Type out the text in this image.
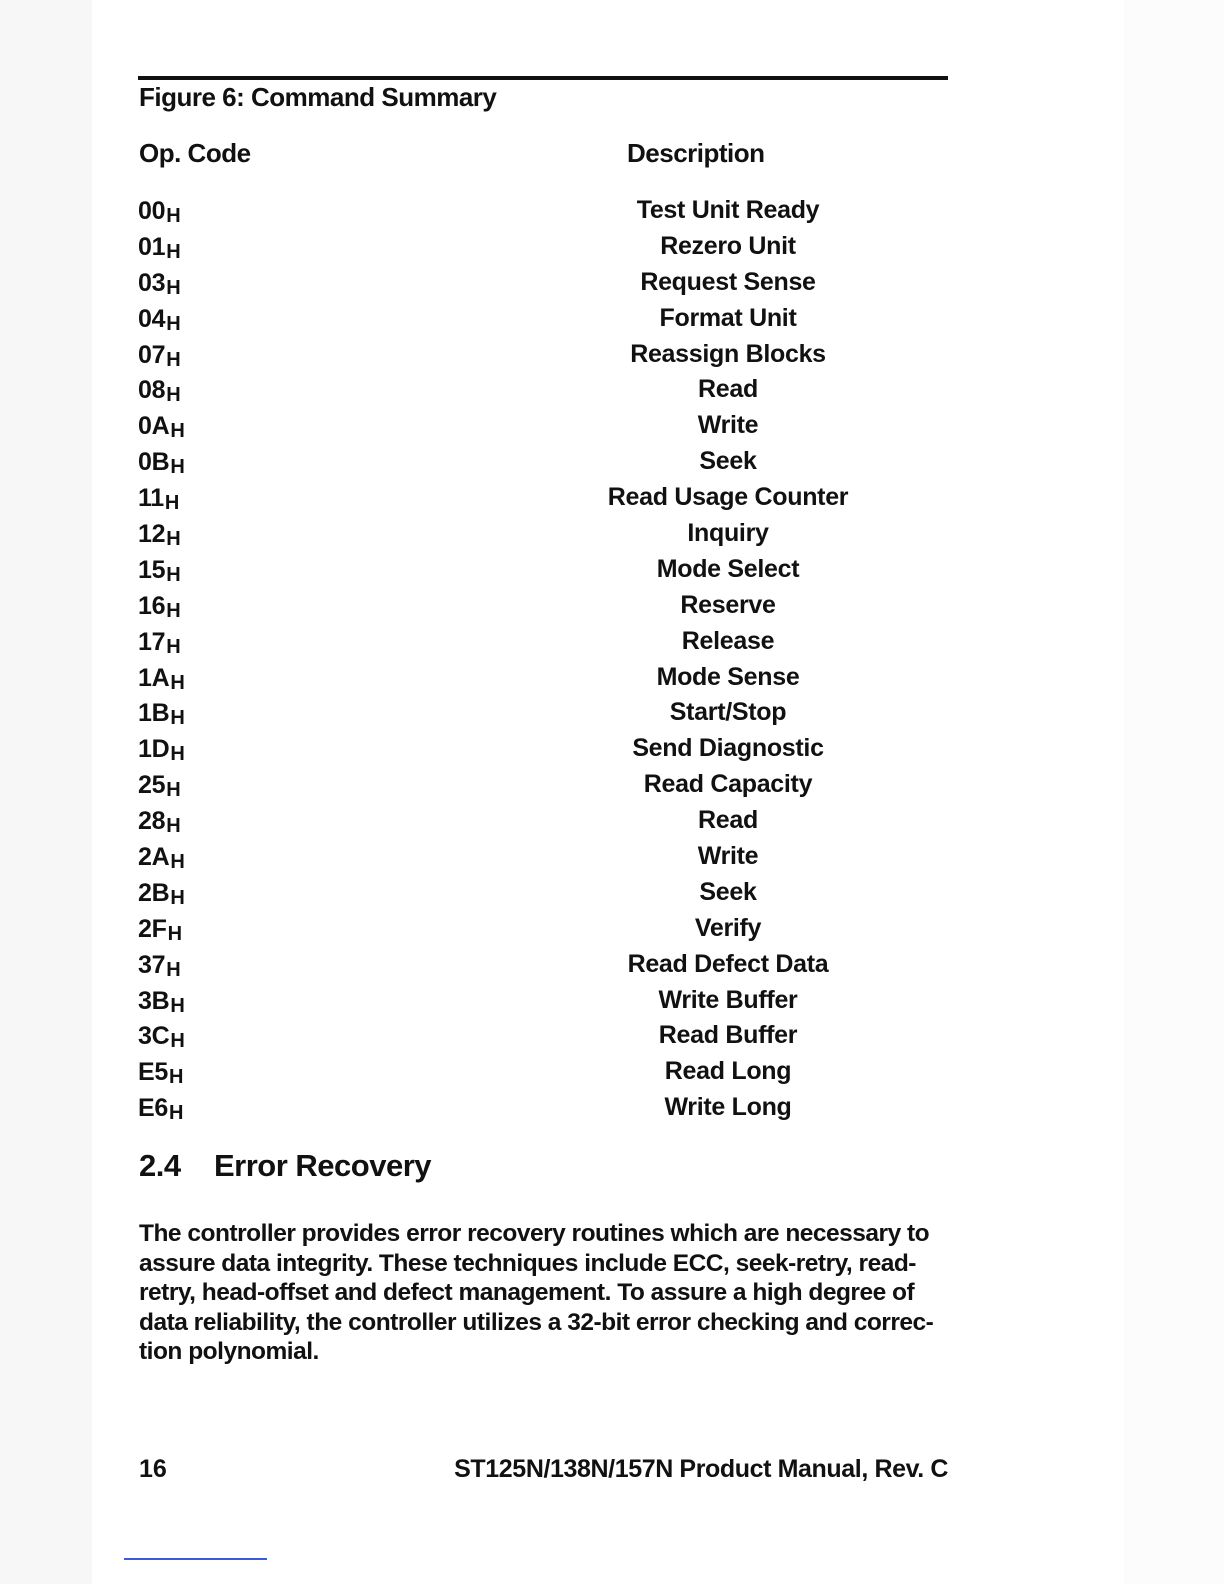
Figure 6: Command Summary
Op. Code	Description
00H	Test Unit Ready
01H	Rezero Unit
03H	Request Sense
04H	Format Unit
07H	Reassign Blocks
08H	Read
0AH	Write
0BH	Seek
11H	Read Usage Counter
12H	Inquiry
15H	Mode Select
16H	Reserve
17H	Release
1AH	Mode Sense
1BH	Start/Stop
1DH	Send Diagnostic
25H	Read Capacity
28H	Read
2AH	Write
2BH	Seek
2FH	Verify
37H	Read Defect Data
3BH	Write Buffer
3CH	Read Buffer
E5H	Read Long
E6H	Write Long
2.4 Error Recovery
The controller provides error recovery routines which are necessary to
assure data integrity. These techniques include ECC, seek-retry, read-
retry, head-offset and defect management. To assure a high degree of
data reliability, the controller utilizes a 32-bit error checking and correc-
tion polynomial.
16	ST125N/138N/157N Product Manual, Rev. C
